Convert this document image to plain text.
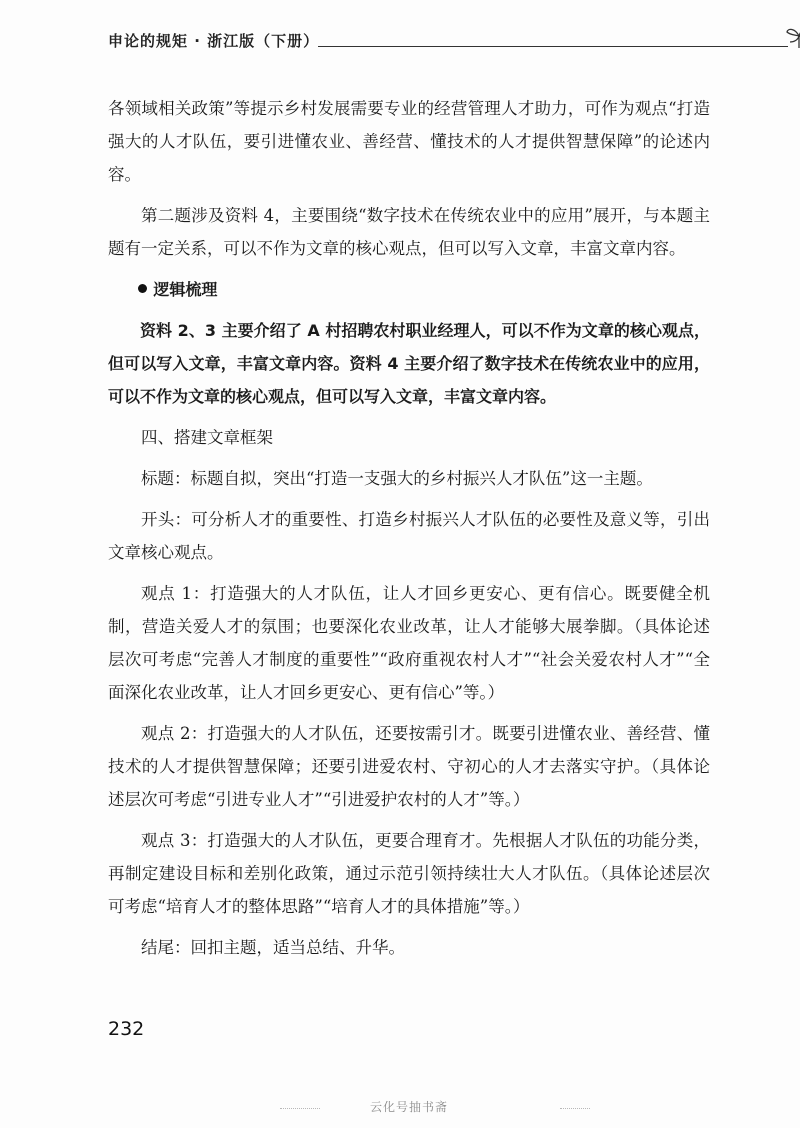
申论的规矩 · 浙江版（下册）

各领域相关政策”等提示乡村发展需要专业的经营管理人才助力，可作为观点“打造强大的人才队伍，要引进懂农业、善经营、懂技术的人才提供智慧保障”的论述内容。

第二题涉及资料 4，主要围绕“数字技术在传统农业中的应用”展开，与本题主题有一定关系，可以不作为文章的核心观点，但可以写入文章，丰富文章内容。

逻辑梳理

资料 2、3 主要介绍了 A 村招聘农村职业经理人，可以不作为文章的核心观点，但可以写入文章，丰富文章内容。资料 4 主要介绍了数字技术在传统农业中的应用，可以不作为文章的核心观点，但可以写入文章，丰富文章内容。

四、搭建文章框架

标题：标题自拟，突出“打造一支强大的乡村振兴人才队伍”这一主题。

开头：可分析人才的重要性、打造乡村振兴人才队伍的必要性及意义等，引出文章核心观点。

观点 1：打造强大的人才队伍，让人才回乡更安心、更有信心。既要健全机制，营造关爱人才的氛围；也要深化农业改革，让人才能够大展拳脚。（具体论述层次可考虑“完善人才制度的重要性”“政府重视农村人才”“社会关爱农村人才”“全面深化农业改革，让人才回乡更安心、更有信心”等。）

观点 2：打造强大的人才队伍，还要按需引才。既要引进懂农业、善经营、懂技术的人才提供智慧保障；还要引进爱农村、守初心的人才去落实守护。（具体论述层次可考虑“引进专业人才”“引进爱护农村的人才”等。）

观点 3：打造强大的人才队伍，更要合理育才。先根据人才队伍的功能分类，再制定建设目标和差别化政策，通过示范引领持续壮大人才队伍。（具体论述层次可考虑“培育人才的整体思路”“培育人才的具体措施”等。）

结尾：回扣主题，适当总结、升华。

232
云化号抽书斋
